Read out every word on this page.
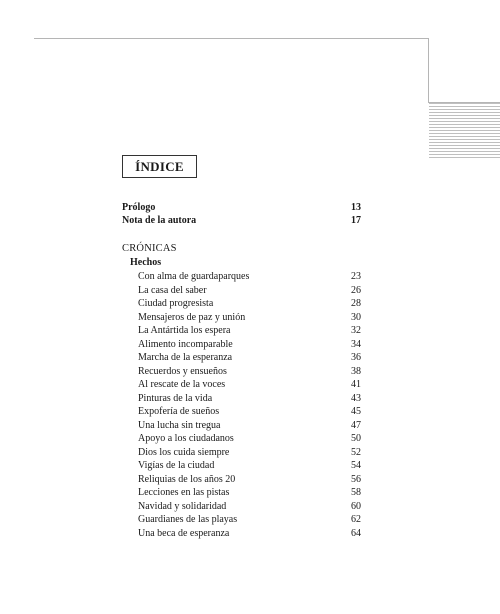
ÍNDICE
Prólogo	13
Nota de la autora	17
CRÓNICAS
Hechos
Con alma de guardaparques	23
La casa del saber	26
Ciudad progresista	28
Mensajeros de paz y unión	30
La Antártida los espera	32
Alimento incomparable	34
Marcha de la esperanza	36
Recuerdos y ensueños	38
Al rescate de la voces	41
Pinturas de la vida	43
Expofería de sueños	45
Una lucha sin tregua	47
Apoyo a los ciudadanos	50
Dios los cuida siempre	52
Vigías de la ciudad	54
Reliquias de los años 20	56
Lecciones en las pistas	58
Navidad y solidaridad	60
Guardianes de las playas	62
Una beca de esperanza	64
